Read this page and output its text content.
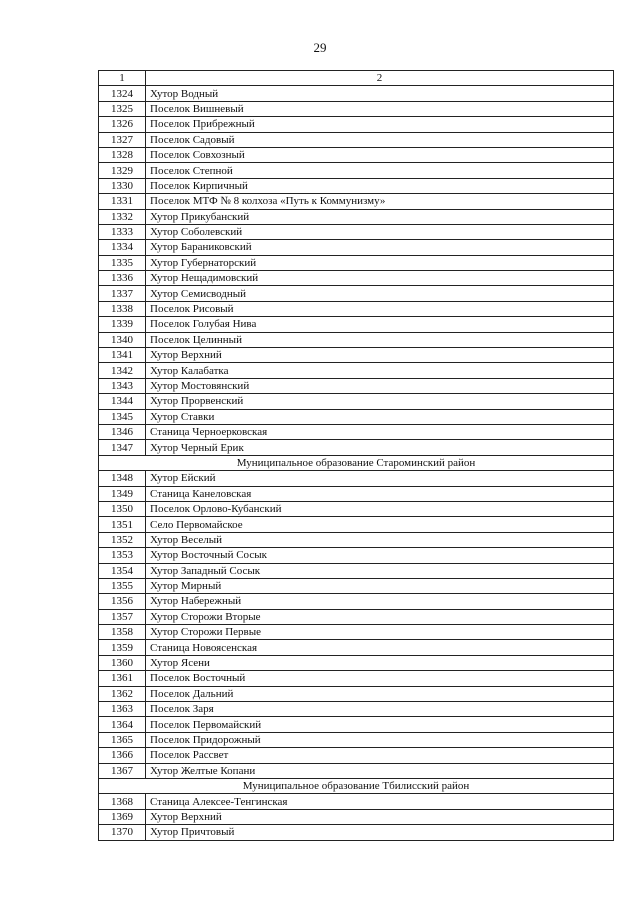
29
1	2
1324	Хутор Водный
1325	Поселок Вишневый
1326	Поселок Прибрежный
1327	Поселок Садовый
1328	Поселок Совхозный
1329	Поселок Степной
1330	Поселок Кирпичный
1331	Поселок МТФ № 8 колхоза «Путь к Коммунизму»
1332	Хутор Прикубанский
1333	Хутор Соболевский
1334	Хутор Бараниковский
1335	Хутор Губернаторский
1336	Хутор Нещадимовский
1337	Хутор Семисводный
1338	Поселок Рисовый
1339	Поселок Голубая Нива
1340	Поселок Целинный
1341	Хутор Верхний
1342	Хутор Калабатка
1343	Хутор Мостовянский
1344	Хутор Прорвенский
1345	Хутор Ставки
1346	Станица Черноерковская
1347	Хутор Черный Ерик
Муниципальное образование Староминский район	
1348	Хутор Ейский
1349	Станица Канеловская
1350	Поселок Орлово-Кубанский
1351	Село Первомайское
1352	Хутор Веселый
1353	Хутор Восточный Сосык
1354	Хутор Западный Сосык
1355	Хутор Мирный
1356	Хутор Набережный
1357	Хутор Сторожи Вторые
1358	Хутор Сторожи Первые
1359	Станица Новоясенская
1360	Хутор Ясени
1361	Поселок Восточный
1362	Поселок Дальний
1363	Поселок Заря
1364	Поселок Первомайский
1365	Поселок Придорожный
1366	Поселок Рассвет
1367	Хутор Желтые Копани
Муниципальное образование Тбилисский район	
1368	Станица Алексее-Тенгинская
1369	Хутор Верхний
1370	Хутор Причтовый
